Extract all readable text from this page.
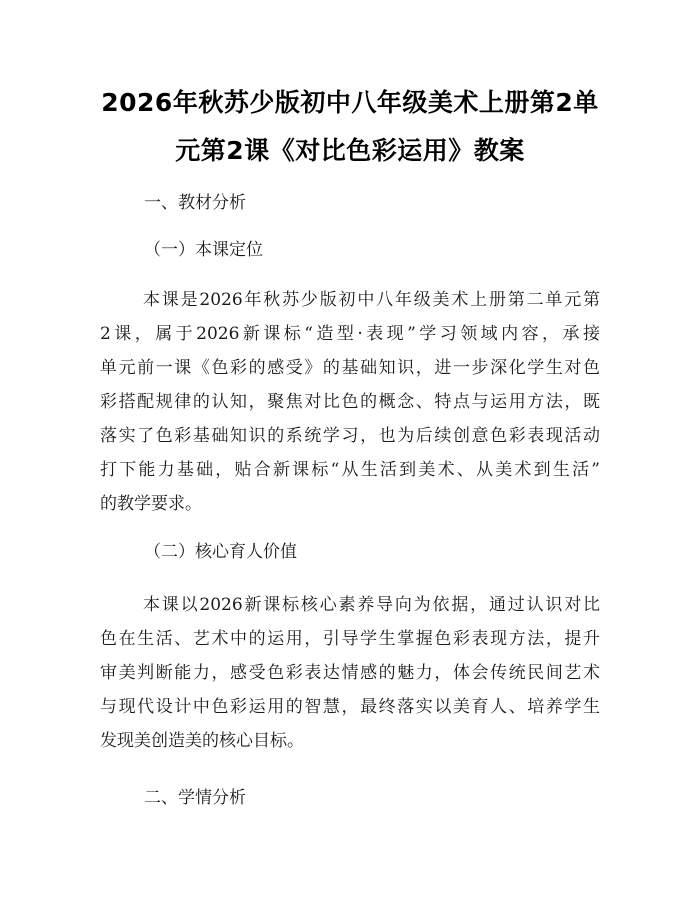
2026年秋苏少版初中八年级美术上册第2单
元第2课《对比色彩运用》教案
一、教材分析
（一）本课定位
本课是2026年秋苏少版初中八年级美术上册第二单元第
2课，属于2026新课标“造型·表现”学习领域内容，承接
单元前一课《色彩的感受》的基础知识，进一步深化学生对色
彩搭配规律的认知，聚焦对比色的概念、特点与运用方法，既
落实了色彩基础知识的系统学习，也为后续创意色彩表现活动
打下能力基础，贴合新课标“从生活到美术、从美术到生活”
的教学要求。
（二）核心育人价值
本课以2026新课标核心素养导向为依据，通过认识对比
色在生活、艺术中的运用，引导学生掌握色彩表现方法，提升
审美判断能力，感受色彩表达情感的魅力，体会传统民间艺术
与现代设计中色彩运用的智慧，最终落实以美育人、培养学生
发现美创造美的核心目标。
二、学情分析
